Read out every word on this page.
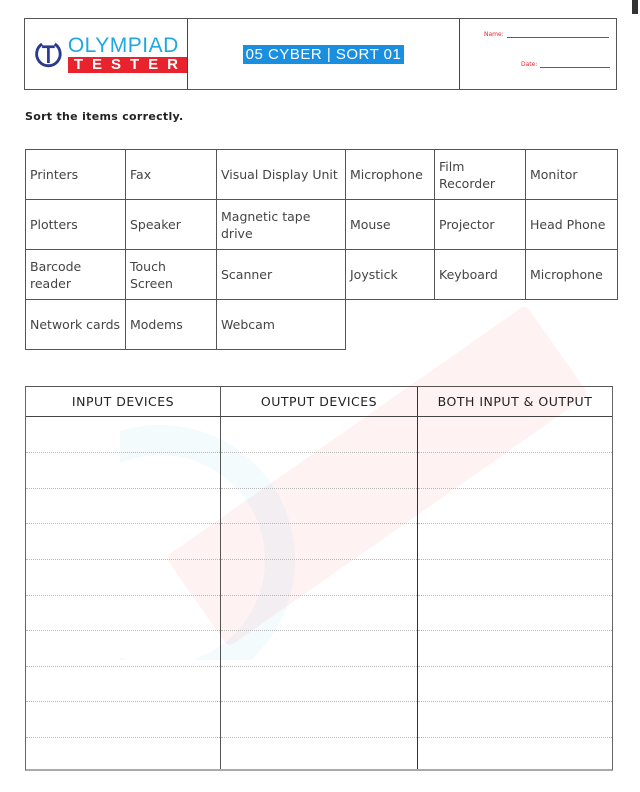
OLYMPIAD
TESTER
05 CYBER | SORT 01
Name:
Date:
Sort the items correctly.
Printers	Fax	Visual Display Unit	Microphone	Film Recorder	Monitor
Plotters	Speaker	Magnetic tape drive	Mouse	Projector	Head Phone
Barcode reader	Touch Screen	Scanner	Joystick	Keyboard	Microphone
Network cards	Modems	Webcam			
INPUT DEVICES	OUTPUT DEVICES	BOTH INPUT & OUTPUT
